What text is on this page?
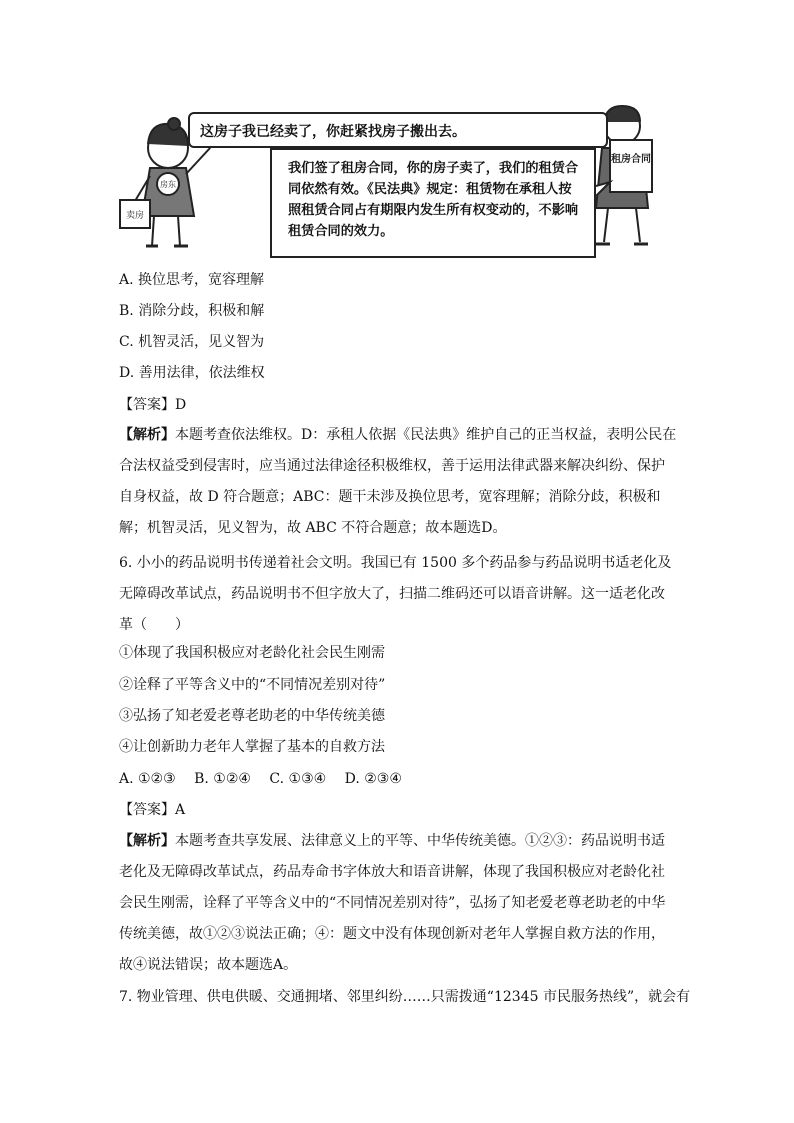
房东
卖房
租房合同
这房子我已经卖了，你赶紧找房子搬出去。
我们签了租房合同，你的房子卖了，我们的租赁合同依然有效。《民法典》规定：租赁物在承租人按照租赁合同占有期限内发生所有权变动的，不影响租赁合同的效力。
A. 换位思考，宽容理解
B. 消除分歧，积极和解
C. 机智灵活，见义智为
D. 善用法律，依法维权
【答案】D
【解析】本题考查依法维权。D：承租人依据《民法典》维护自己的正当权益，表明公民在合法权益受到侵害时，应当通过法律途径积极维权，善于运用法律武器来解决纠纷、保护自身权益，故 D 符合题意；ABC：题干未涉及换位思考，宽容理解；消除分歧，积极和解；机智灵活，见义智为，故 ABC 不符合题意；故本题选D。
6. 小小的药品说明书传递着社会文明。我国已有 1500 多个药品参与药品说明书适老化及无障碍改革试点，药品说明书不但字放大了，扫描二维码还可以语音讲解。这一适老化改革（　　）
①体现了我国积极应对老龄化社会民生刚需
②诠释了平等含义中的“不同情况差别对待”
③弘扬了知老爱老尊老助老的中华传统美德
④让创新助力老年人掌握了基本的自救方法
A. ①②③　 B. ①②④　 C. ①③④　 D. ②③④
【答案】A
【解析】本题考查共享发展、法律意义上的平等、中华传统美德。①②③：药品说明书适老化及无障碍改革试点，药品寿命书字体放大和语音讲解，体现了我国积极应对老龄化社会民生刚需，诠释了平等含义中的“不同情况差别对待”，弘扬了知老爱老尊老助老的中华传统美德，故①②③说法正确；④：题文中没有体现创新对老年人掌握自救方法的作用，故④说法错误；故本题选A。
7. 物业管理、供电供暖、交通拥堵、邻里纠纷……只需拨通“12345 市民服务热线”，就会有
